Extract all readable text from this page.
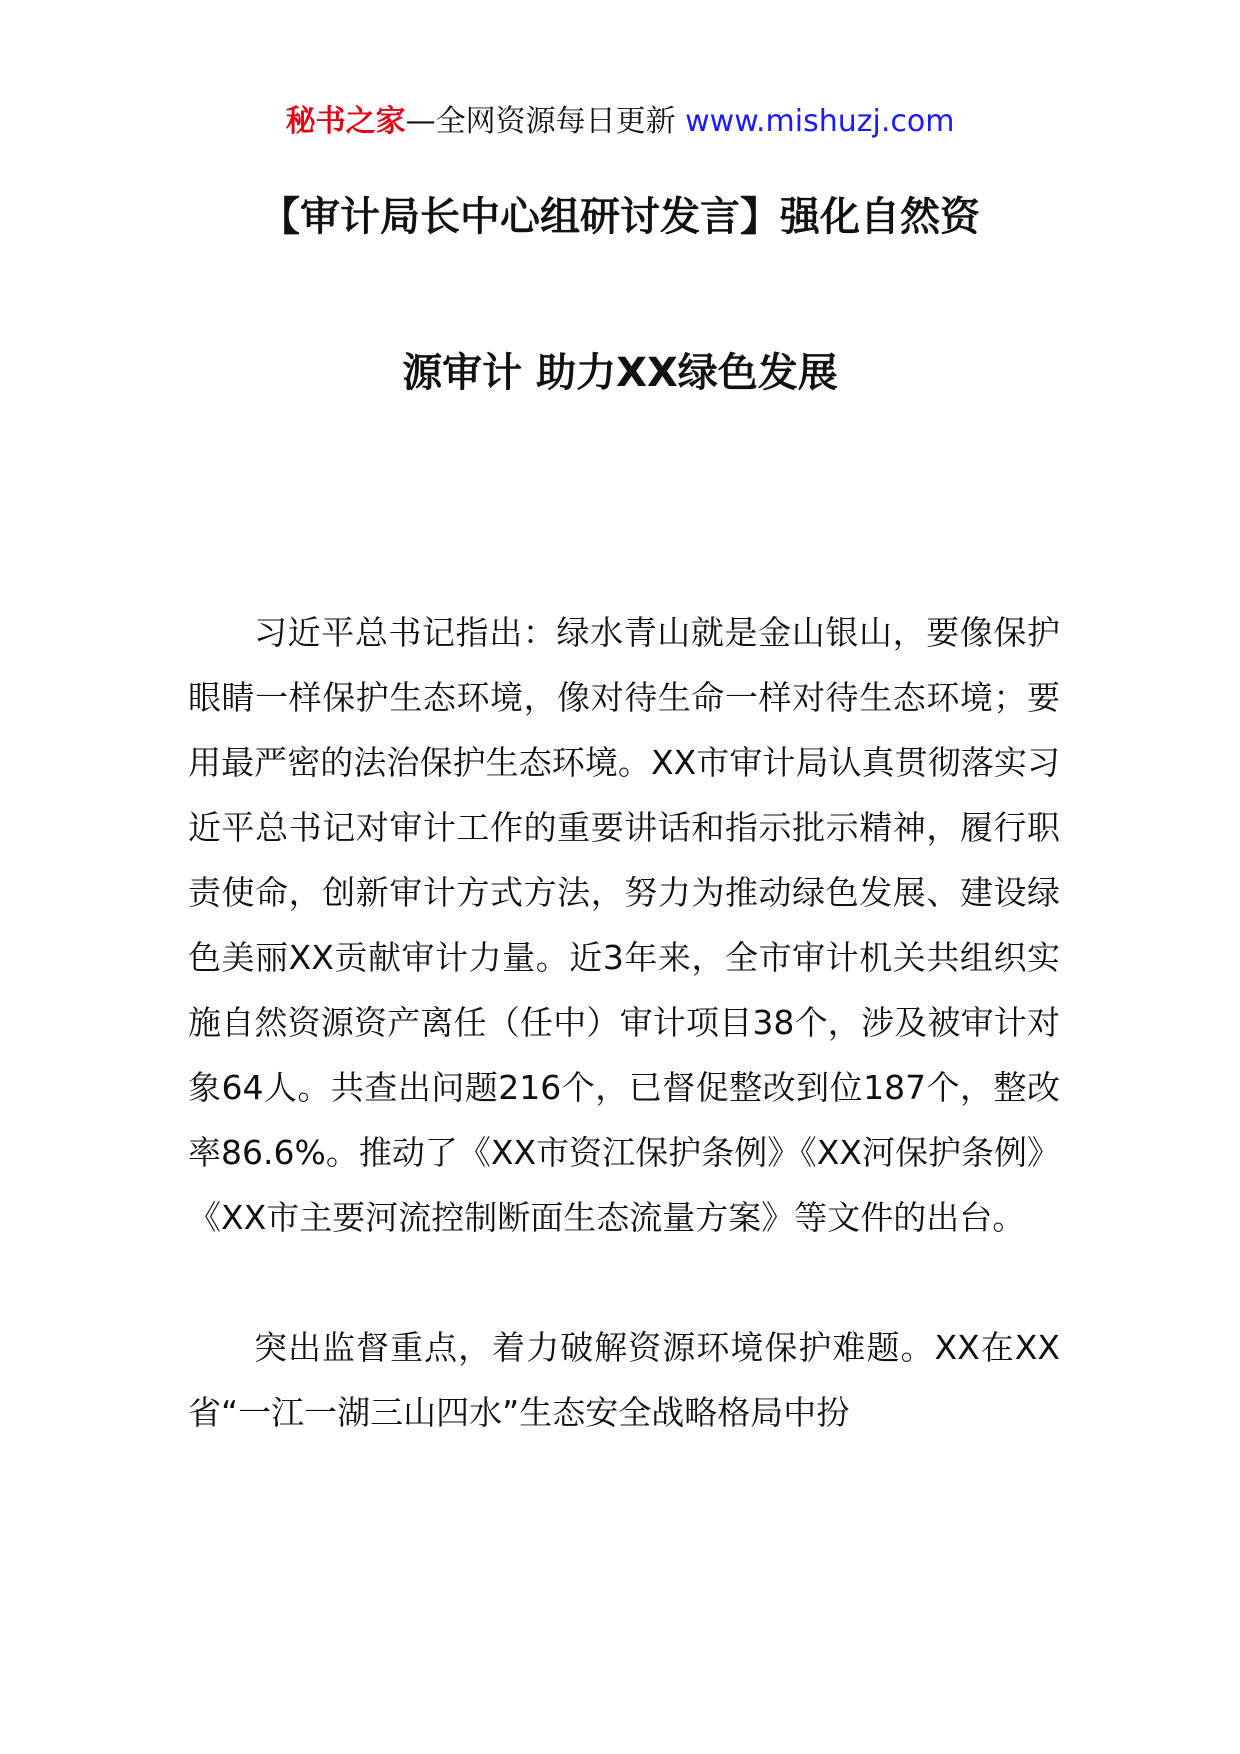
秘书之家—全网资源每日更新 www.mishuzj.com
【审计局长中心组研讨发言】强化自然资
源审计 助力XX绿色发展

习近平总书记指出：绿水青山就是金山银山，要像保护眼睛一样保护生态环境，像对待生命一样对待生态环境；要用最严密的法治保护生态环境。XX市审计局认真贯彻落实习近平总书记对审计工作的重要讲话和指示批示精神，履行职责使命，创新审计方式方法，努力为推动绿色发展、建设绿色美丽XX贡献审计力量。近3年来，全市审计机关共组织实施自然资源资产离任（任中）审计项目38个，涉及被审计对象64人。共查出问题216个，已督促整改到位187个，整改率86.6%。推动了《XX市资江保护条例》《XX河保护条例》《XX市主要河流控制断面生态流量方案》等文件的出台。

突出监督重点，着力破解资源环境保护难题。XX在XX省“一江一湖三山四水”生态安全战略格局中扮
